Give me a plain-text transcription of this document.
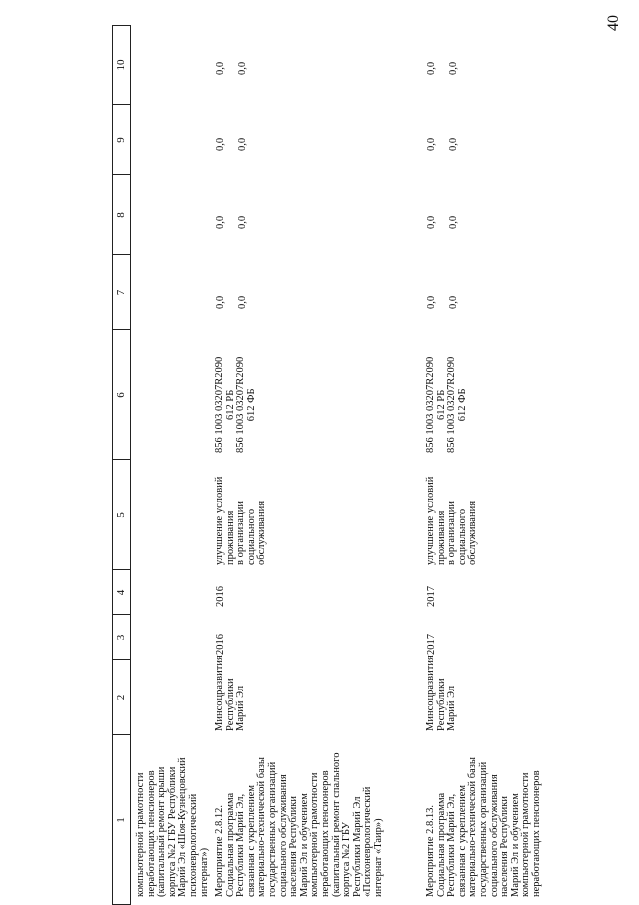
40
1
2
3
4
5
6
7
8
9
10
компьютерной грамотности
неработающих пенсионеров
(капитальный ремонт крыши
корпуса №2 ГБУ Республики
Марий Эл «Шоя-Кузнецовский
психоневрологический
интернат») Мероприятие 2.8.12.
Социальная программа
Республики Марий Эл,
связанная с укреплением
материально-технической базы
государственных организаций
социального обслуживания
населения Республики
Марий Эл и обучением
компьютерной грамотности
неработающих пенсионеров
(капитальный ремонт спального
корпуса №2 ГБУ
Республики Марий Эл
«Психоневрологический
интернат «Таир»)
Минсоцразвития
Республики
Марий Эл
2016
2016
улучшение условий
проживания
в организации
социального
обслуживания
856 1003 03207R2090
612 РБ
856 1003 03207R2090
612 ФБ
0,0

0,0
0,0

0,0
0,0

0,0
0,0

0,0
Мероприятие 2.8.13.
Социальная программа
Республики Марий Эл,
связанная с укреплением
материально-технической базы
государственных организаций
социального обслуживания
населения Республики
Марий Эл и обучением
компьютерной грамотности
неработающих пенсионеров
Минсоцразвития
Республики
Марий Эл
2017
2017
улучшение условий
проживания
в организации
социального
обслуживания
856 1003 03207R2090
612 РБ
856 1003 03207R2090
612 ФБ
0,0

0,0
0,0

0,0
0,0

0,0
0,0

0,0
